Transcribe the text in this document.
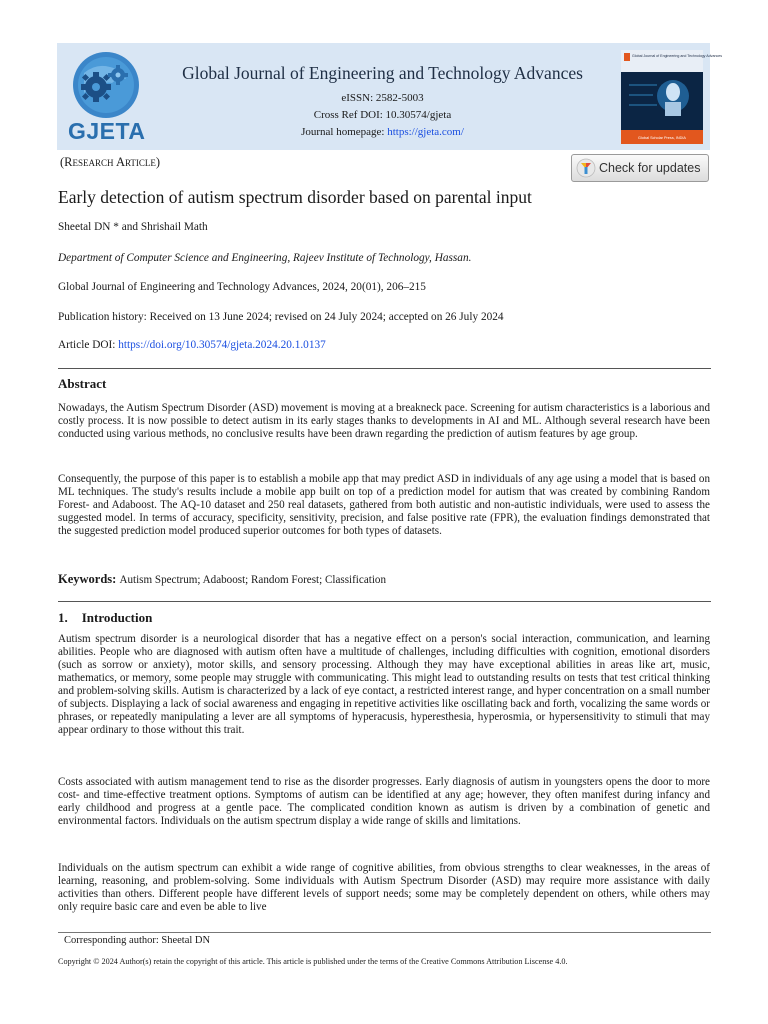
GJETA
Global Journal of Engineering and Technology Advances
eISSN: 2582-5003
Cross Ref DOI: 10.30574/gjeta
Journal homepage: https://gjeta.com/
Global Journal of Engineering and Technology Advances
Global Scholar Press, INDIA
(Research Article)	Check for updates
Early detection of autism spectrum disorder based on parental input
Sheetal DN * and Shrishail Math
Department of Computer Science and Engineering, Rajeev Institute of Technology, Hassan.
Global Journal of Engineering and Technology Advances, 2024, 20(01), 206–215
Publication history: Received on 13 June 2024; revised on 24 July 2024; accepted on 26 July 2024
Article DOI: https://doi.org/10.30574/gjeta.2024.20.1.0137
Abstract

Nowadays, the Autism Spectrum Disorder (ASD) movement is moving at a breakneck pace. Screening for autism characteristics is a laborious and costly process. It is now possible to detect autism in its early stages thanks to developments in AI and ML. Although several research have been conducted using various methods, no conclusive results have been drawn regarding the prediction of autism features by age group.

Consequently, the purpose of this paper is to establish a mobile app that may predict ASD in individuals of any age using a model that is based on ML techniques. The study's results include a mobile app built on top of a prediction model for autism that was created by combining Random Forest- and Adaboost. The AQ-10 dataset and 250 real datasets, gathered from both autistic and non-autistic individuals, were used to assess the suggested model. In terms of accuracy, specificity, sensitivity, precision, and false positive rate (FPR), the evaluation findings demonstrated that the suggested prediction model produced superior outcomes for both types of datasets.

Keywords: Autism Spectrum; Adaboost; Random Forest; Classification
1. Introduction

Autism spectrum disorder is a neurological disorder that has a negative effect on a person's social interaction, communication, and learning abilities. People who are diagnosed with autism often have a multitude of challenges, including difficulties with cognition, emotional disorders (such as sorrow or anxiety), motor skills, and sensory processing. Although they may have exceptional abilities in areas like art, music, mathematics, or memory, some people may struggle with communicating. This might lead to outstanding results on tests that test critical thinking and problem-solving skills. Autism is characterized by a lack of eye contact, a restricted interest range, and hyper concentration on a small number of subjects. Displaying a lack of social awareness and engaging in repetitive activities like oscillating back and forth, vocalizing the same words or phrases, or repeatedly manipulating a lever are all symptoms of hyperacusis, hyperesthesia, hyperosmia, or hypersensitivity to stimuli that may appear ordinary to those without this trait.

Costs associated with autism management tend to rise as the disorder progresses. Early diagnosis of autism in youngsters opens the door to more cost- and time-effective treatment options. Symptoms of autism can be identified at any age; however, they often manifest during infancy and early childhood and progress at a gentle pace. The complicated condition known as autism is driven by a combination of genetic and environmental factors. Individuals on the autism spectrum display a wide range of skills and limitations.

Individuals on the autism spectrum can exhibit a wide range of cognitive abilities, from obvious strengths to clear weaknesses, in the areas of learning, reasoning, and problem-solving. Some individuals with Autism Spectrum Disorder (ASD) may require more assistance with daily activities than others. Different people have different levels of support needs; some may be completely dependent on others, while others may only require basic care and even be able to live

Corresponding author: Sheetal DN
Copyright © 2024 Author(s) retain the copyright of this article. This article is published under the terms of the Creative Commons Attribution Liscense 4.0.
